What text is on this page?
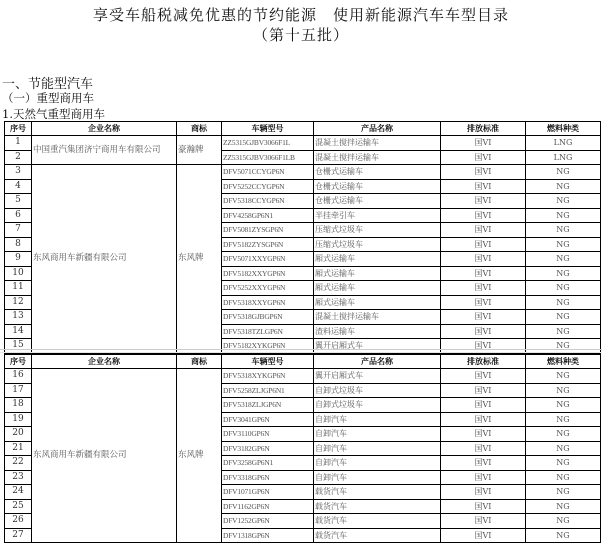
享受车船税减免优惠的节约能源　使用新能源汽车车型目录
（第十五批）
一、节能型汽车
（一）重型商用车
1.天然气重型商用车
序号	企业名称	商标	车辆型号	产品名称	排放标准	燃料种类
1	中国重汽集团济宁商用车有限公司	豪瀚牌	ZZ5315GJBV3066F1L	混凝土搅拌运输车	国VI	LNG
2			ZZ5315GJBV3066F1LB	混凝土搅拌运输车	国VI	LNG
3	东风商用车新疆有限公司	东风牌	DFV5071CCYGP6N	仓栅式运输车	国VI	NG
4			DFV5252CCYGP6N	仓栅式运输车	国VI	NG
5			DFV5318CCYGP6N	仓栅式运输车	国VI	NG
6			DFV4258GP6N1	半挂牵引车	国VI	NG
7			DFV5081ZYSGP6N	压缩式垃圾车	国VI	NG
8			DFV5182ZYSGP6N	压缩式垃圾车	国VI	NG
9			DFV5071XXYGP6N	厢式运输车	国VI	NG
10			DFV5182XXYGP6N	厢式运输车	国VI	NG
11			DFV5252XXYGP6N	厢式运输车	国VI	NG
12			DFV5318XXYGP6N	厢式运输车	国VI	NG
13			DFV5318GJBGP6N	混凝土搅拌运输车	国VI	NG
14			DFV5318TZLGP6N	渣料运输车	国VI	NG
15			DFV5182XYKGP6N	翼开启厢式车	国VI	NG
序号	企业名称	商标	车辆型号	产品名称	排放标准	燃料种类
16	东风商用车新疆有限公司	东风牌	DFV5318XYKGP6N	翼开启厢式车	国VI	NG
17			DFV5258ZLJGP6N1	自卸式垃圾车	国VI	NG
18			DFV5318ZLJGP6N	自卸式垃圾车	国VI	NG
19			DFV3041GP6N	自卸汽车	国VI	NG
20			DFV3110GP6N	自卸汽车	国VI	NG
21			DFV3182GP6N	自卸汽车	国VI	NG
22			DFV3258GP6N1	自卸汽车	国VI	NG
23			DFV3318GP6N	自卸汽车	国VI	NG
24			DFV1071GP6N	载货汽车	国VI	NG
25			DFV1162GP6N	载货汽车	国VI	NG
26			DFV1252GP6N	载货汽车	国VI	NG
27			DFV1318GP6N	载货汽车	国VI	NG
